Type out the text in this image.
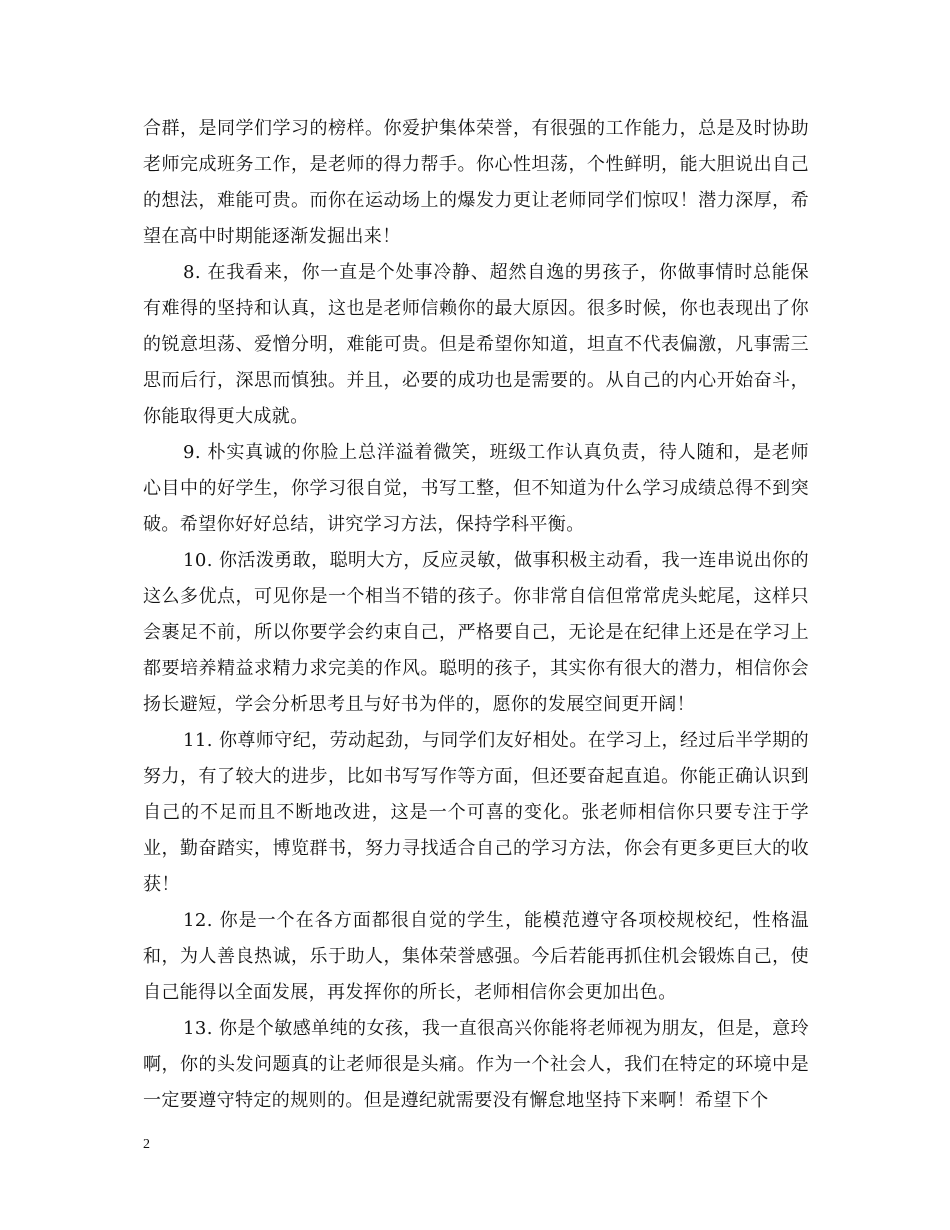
合群，是同学们学习的榜样。你爱护集体荣誉，有很强的工作能力，总是及时协助老师完成班务工作，是老师的得力帮手。你心性坦荡，个性鲜明，能大胆说出自己的想法，难能可贵。而你在运动场上的爆发力更让老师同学们惊叹！潜力深厚，希望在高中时期能逐渐发掘出来！

8. 在我看来，你一直是个处事冷静、超然自逸的男孩子，你做事情时总能保有难得的坚持和认真，这也是老师信赖你的最大原因。很多时候，你也表现出了你的锐意坦荡、爱憎分明，难能可贵。但是希望你知道，坦直不代表偏激，凡事需三思而后行，深思而慎独。并且，必要的成功也是需要的。从自己的内心开始奋斗，你能取得更大成就。

9. 朴实真诚的你脸上总洋溢着微笑，班级工作认真负责，待人随和，是老师心目中的好学生，你学习很自觉，书写工整，但不知道为什么学习成绩总得不到突破。希望你好好总结，讲究学习方法，保持学科平衡。

10. 你活泼勇敢，聪明大方，反应灵敏，做事积极主动看，我一连串说出你的这么多优点，可见你是一个相当不错的孩子。你非常自信但常常虎头蛇尾，这样只会裹足不前，所以你要学会约束自己，严格要自己，无论是在纪律上还是在学习上都要培养精益求精力求完美的作风。聪明的孩子，其实你有很大的潜力，相信你会扬长避短，学会分析思考且与好书为伴的，愿你的发展空间更开阔！

11. 你尊师守纪，劳动起劲，与同学们友好相处。在学习上，经过后半学期的努力，有了较大的进步，比如书写写作等方面，但还要奋起直追。你能正确认识到自己的不足而且不断地改进，这是一个可喜的变化。张老师相信你只要专注于学业，勤奋踏实，博览群书，努力寻找适合自己的学习方法，你会有更多更巨大的收获！

12. 你是一个在各方面都很自觉的学生，能模范遵守各项校规校纪，性格温和，为人善良热诚，乐于助人，集体荣誉感强。今后若能再抓住机会锻炼自己，使自己能得以全面发展，再发挥你的所长，老师相信你会更加出色。

13. 你是个敏感单纯的女孩，我一直很高兴你能将老师视为朋友，但是，意玲啊，你的头发问题真的让老师很是头痛。作为一个社会人，我们在特定的环境中是一定要遵守特定的规则的。但是遵纪就需要没有懈怠地坚持下来啊！希望下个

2
